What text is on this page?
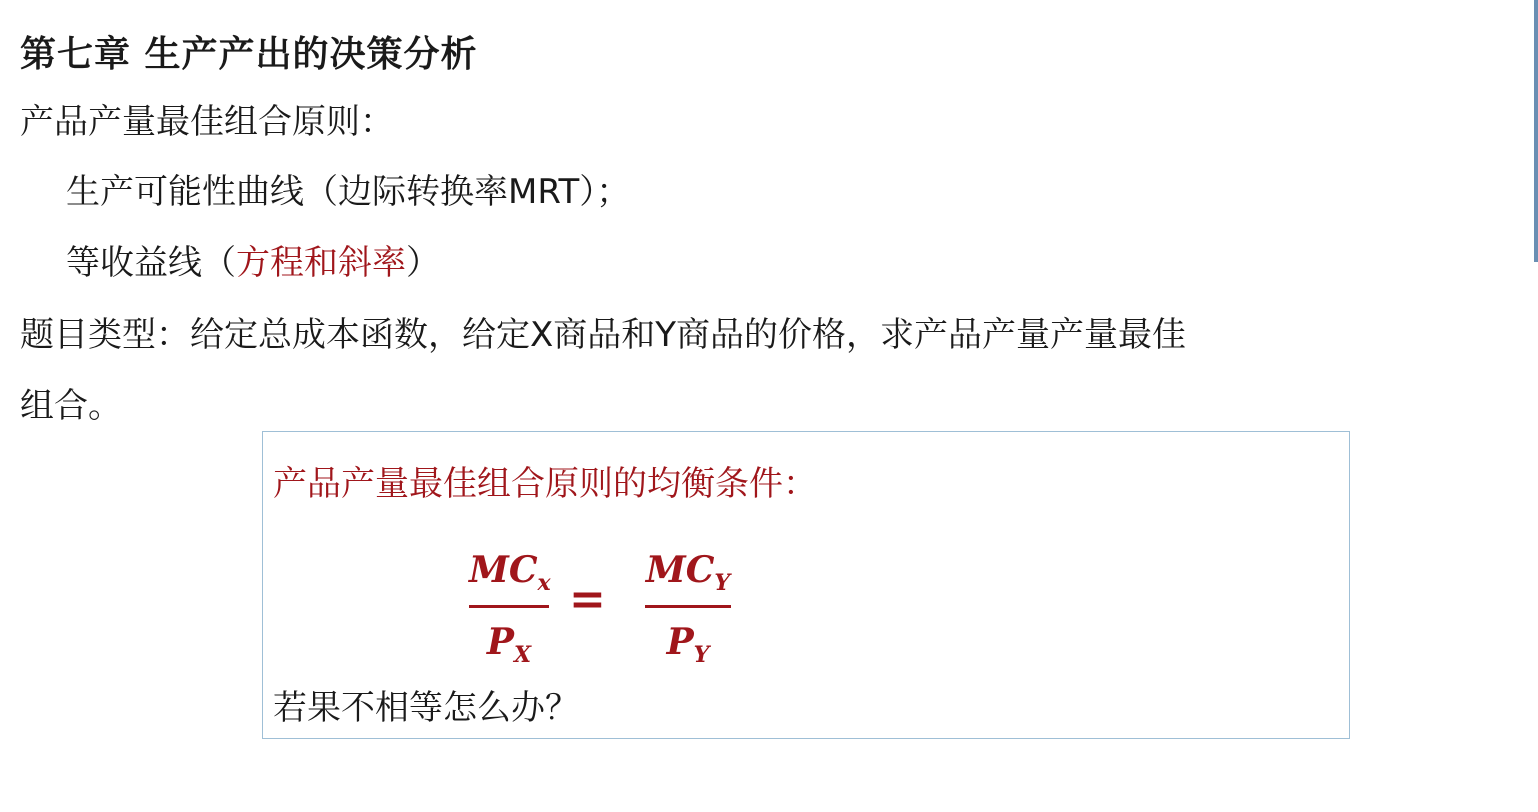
第七章 生产产出的决策分析
产品产量最佳组合原则：
生产可能性曲线（边际转换率MRT）；
等收益线（方程和斜率）
题目类型：给定总成本函数，给定X商品和Y商品的价格，求产品产量产量最佳
组合。
产品产量最佳组合原则的均衡条件：
$MC_x$
$P_X$
=
$MC_Y$
$P_Y$
若果不相等怎么办？
